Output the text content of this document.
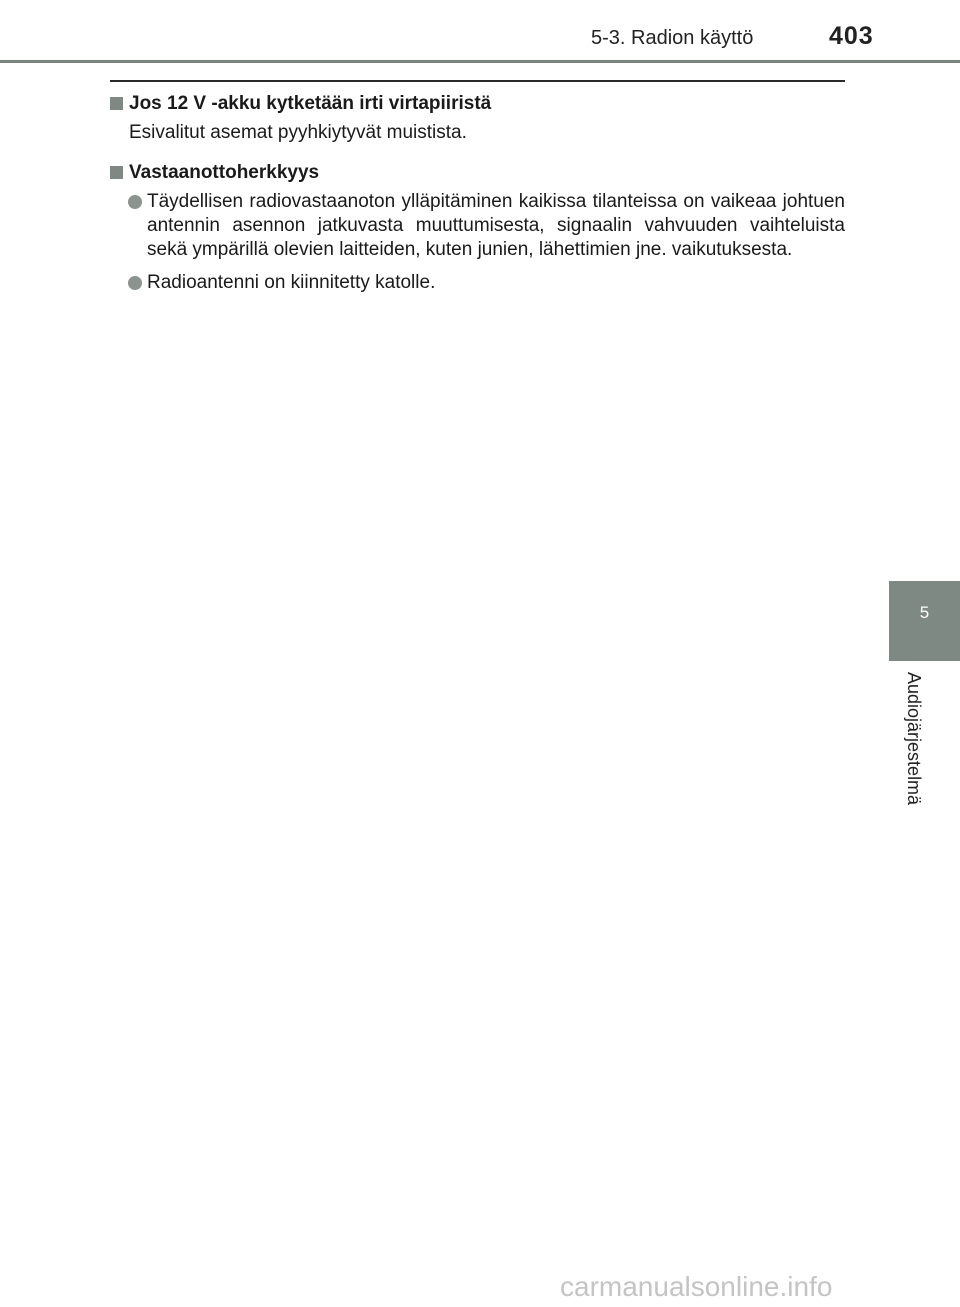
5-3. Radion käyttö	403

Jos 12 V -akku kytketään irti virtapiiristä

Esivalitut asemat pyyhkiytyvät muistista.

Vastaanottoherkkyys

Täydellisen radiovastaanoton ylläpitäminen kaikissa tilanteissa on vaikeaa johtuen antennin asennon jatkuvasta muuttumisesta, signaalin vahvuuden vaihteluista sekä ympärillä olevien laitteiden, kuten junien, lähettimien jne. vaikutuksesta.

Radioantenni on kiinnitetty katolle.

5
Audiojärjestelmä
carmanualsonline.info
